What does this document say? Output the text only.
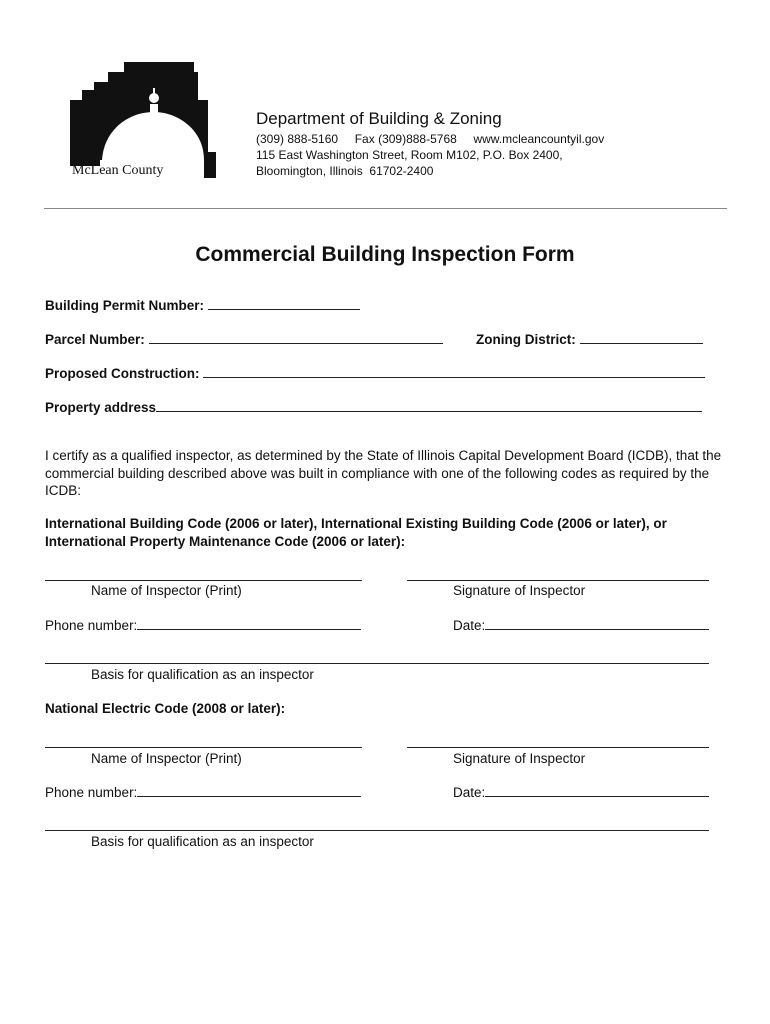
McLean County
Department of Building & Zoning
(309) 888-5160     Fax (309)888-5768     www.mcleancountyil.gov
115 East Washington Street, Room M102, P.O. Box 2400,
Bloomington, Illinois  61702-2400
Commercial Building Inspection Form
Building Permit Number:
Parcel Number:	Zoning District:
Proposed Construction:
Property address
I certify as a qualified inspector, as determined by the State of Illinois Capital Development Board (ICDB), that the commercial building described above was built in compliance with one of the following codes as required by the ICDB:
International Building Code (2006 or later), International Existing Building Code (2006 or later), or International Property Maintenance Code (2006 or later):
Name of Inspector (Print)	Signature of Inspector
Phone number:	Date:
Basis for qualification as an inspector
National Electric Code (2008 or later):
Name of Inspector (Print)	Signature of Inspector
Phone number:	Date:
Basis for qualification as an inspector
